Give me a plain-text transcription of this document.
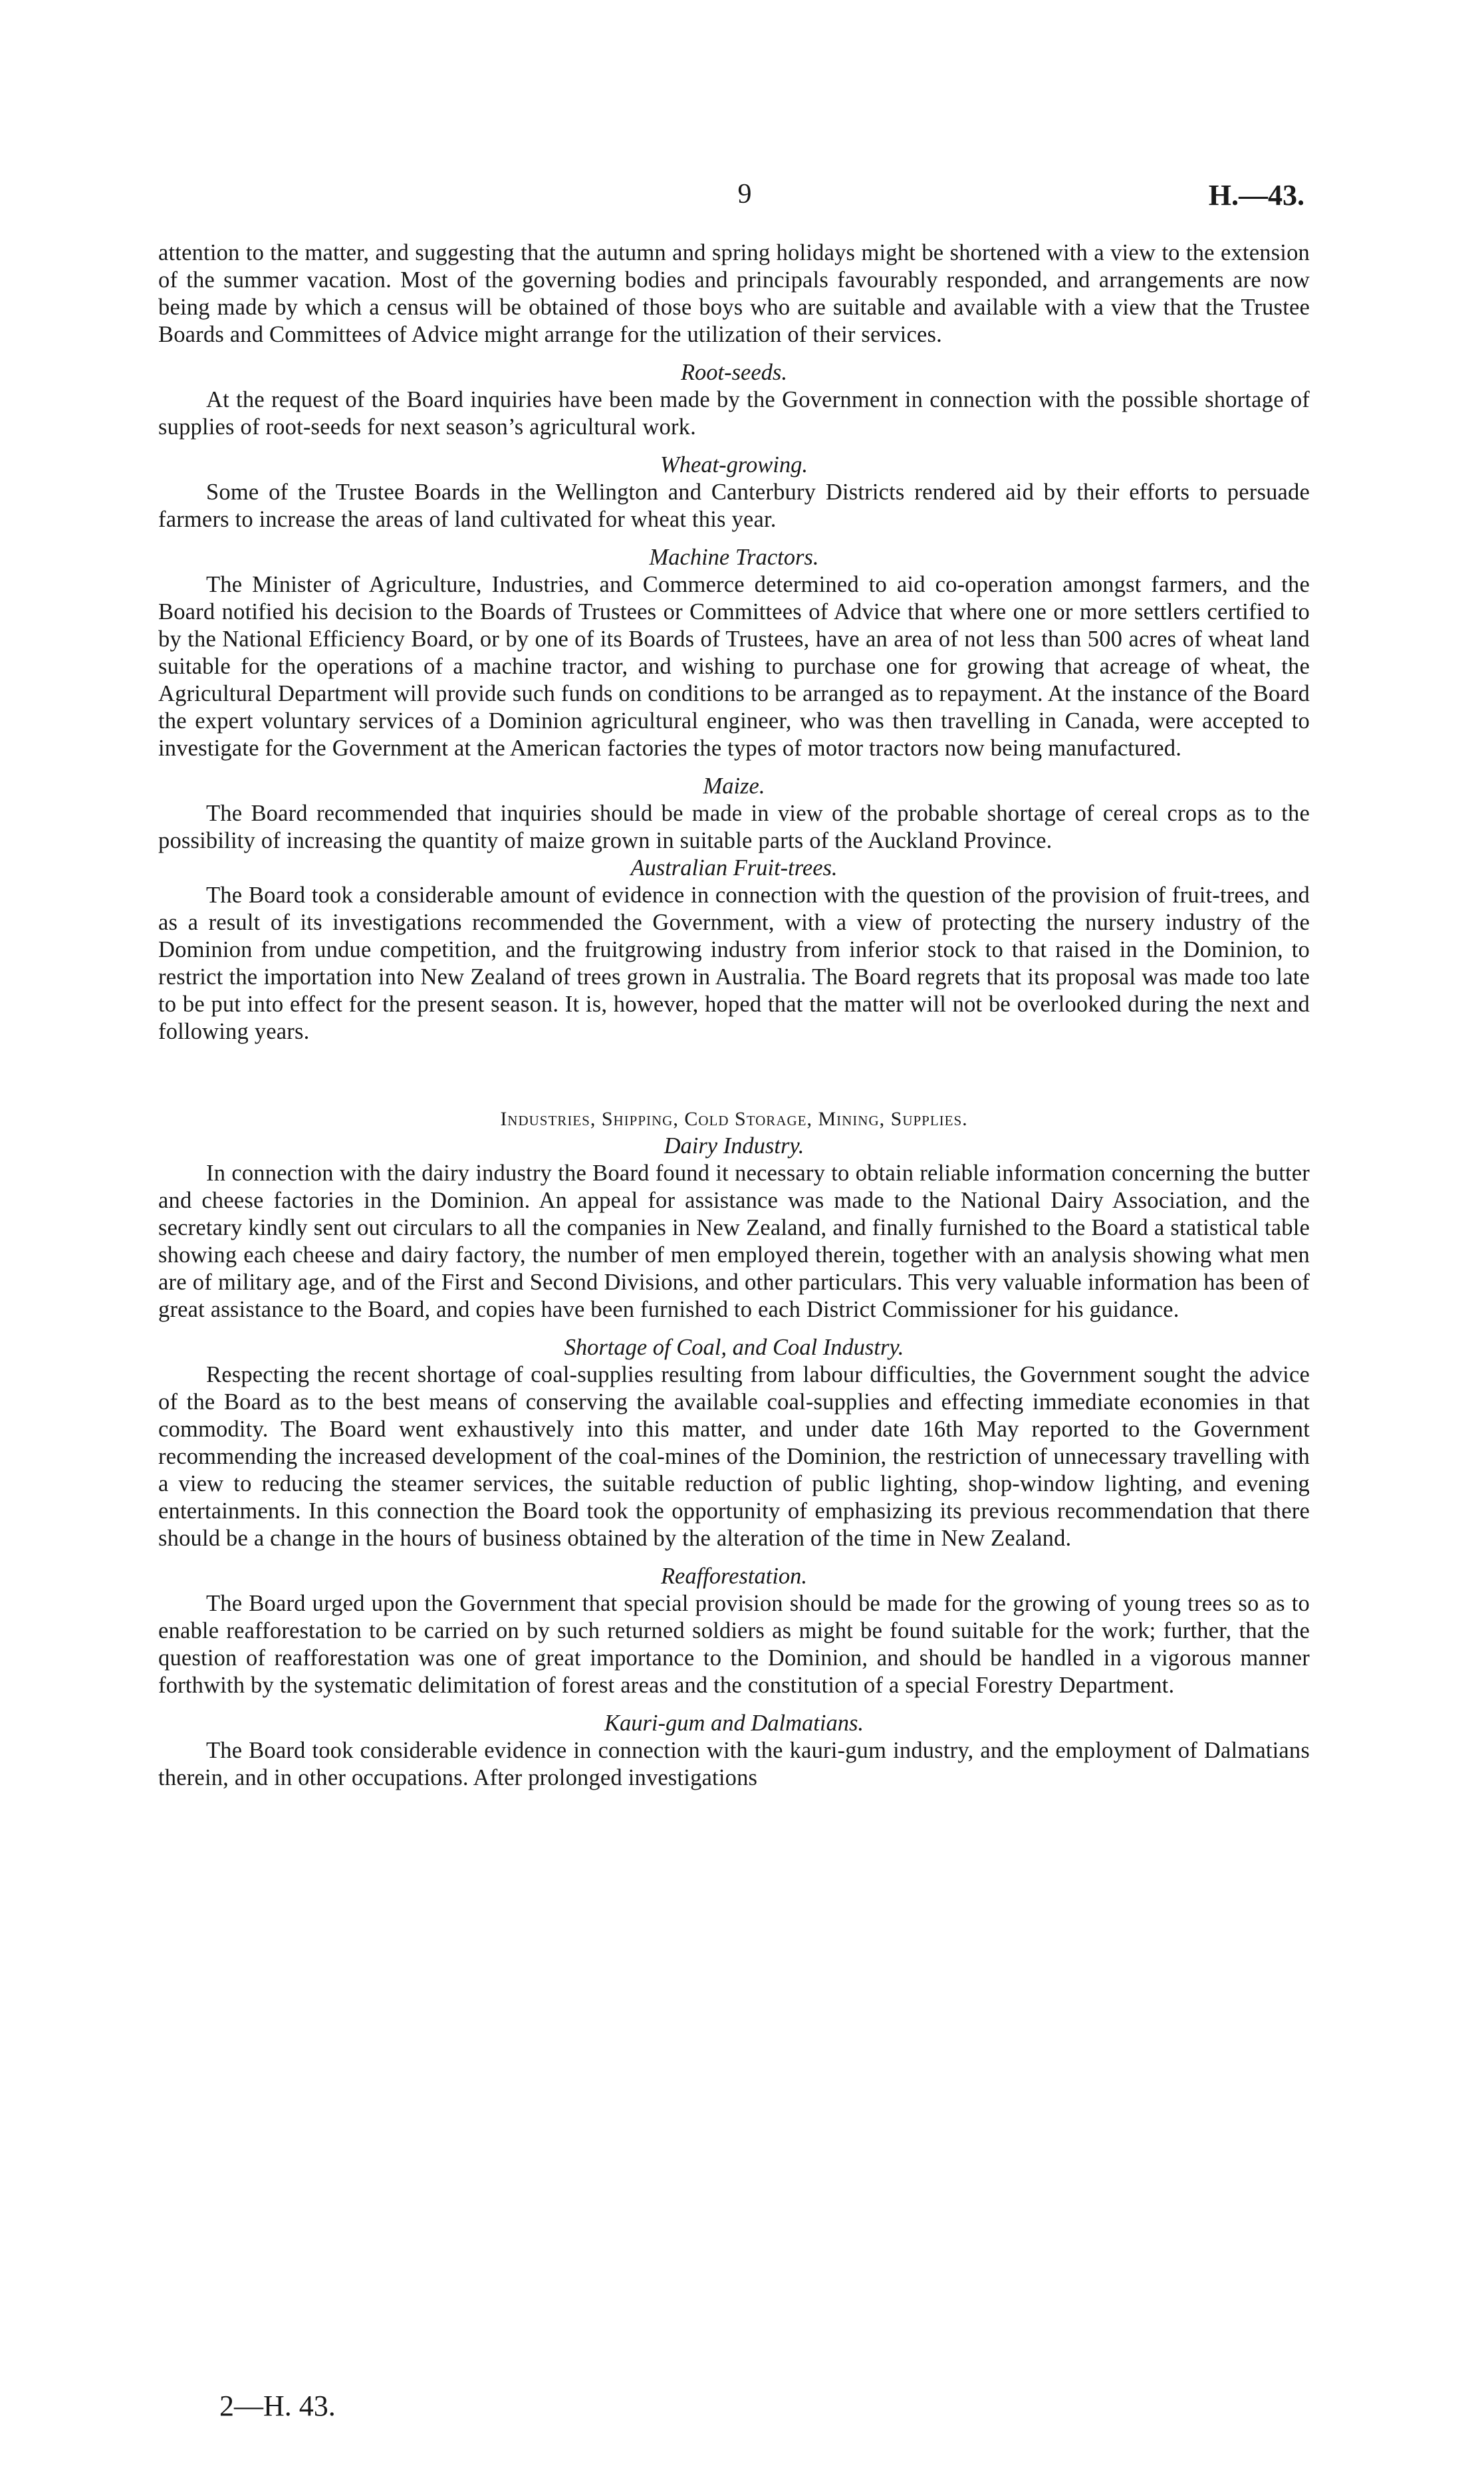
9	H.—43.

attention to the matter, and suggesting that the autumn and spring holidays might be shortened with a view to the extension of the summer vacation. Most of the governing bodies and principals favourably responded, and arrangements are now being made by which a census will be obtained of those boys who are suitable and available with a view that the Trustee Boards and Committees of Advice might arrange for the utilization of their services.

Root-seeds.

At the request of the Board inquiries have been made by the Government in connection with the possible shortage of supplies of root-seeds for next season’s agricultural work.

Wheat-growing.

Some of the Trustee Boards in the Wellington and Canterbury Districts rendered aid by their efforts to persuade farmers to increase the areas of land cultivated for wheat this year.

Machine Tractors.

The Minister of Agriculture, Industries, and Commerce determined to aid co-operation amongst farmers, and the Board notified his decision to the Boards of Trustees or Committees of Advice that where one or more settlers certified to by the National Efficiency Board, or by one of its Boards of Trustees, have an area of not less than 500 acres of wheat land suitable for the operations of a machine tractor, and wishing to purchase one for growing that acreage of wheat, the Agricultural Department will provide such funds on conditions to be arranged as to repayment. At the instance of the Board the expert voluntary services of a Dominion agricultural engineer, who was then travelling in Canada, were accepted to investigate for the Government at the American factories the types of motor tractors now being manufactured.

Maize.

The Board recommended that inquiries should be made in view of the probable shortage of cereal crops as to the possibility of increasing the quantity of maize grown in suitable parts of the Auckland Province.

Australian Fruit-trees.

The Board took a considerable amount of evidence in connection with the question of the provision of fruit-trees, and as a result of its investigations recommended the Government, with a view of protecting the nursery industry of the Dominion from undue competition, and the fruitgrowing industry from inferior stock to that raised in the Dominion, to restrict the importation into New Zealand of trees grown in Australia. The Board regrets that its proposal was made too late to be put into effect for the present season. It is, however, hoped that the matter will not be overlooked during the next and following years.

Industries, Shipping, Cold Storage, Mining, Supplies.

Dairy Industry.

In connection with the dairy industry the Board found it necessary to obtain reliable information concerning the butter and cheese factories in the Dominion. An appeal for assistance was made to the National Dairy Association, and the secretary kindly sent out circulars to all the companies in New Zealand, and finally furnished to the Board a statistical table showing each cheese and dairy factory, the number of men employed therein, together with an analysis showing what men are of military age, and of the First and Second Divisions, and other particulars. This very valuable information has been of great assistance to the Board, and copies have been furnished to each District Commissioner for his guidance.

Shortage of Coal, and Coal Industry.

Respecting the recent shortage of coal-supplies resulting from labour difficulties, the Government sought the advice of the Board as to the best means of conserving the available coal-supplies and effecting immediate economies in that commodity. The Board went exhaustively into this matter, and under date 16th May reported to the Government recommending the increased development of the coal-mines of the Dominion, the restriction of unnecessary travelling with a view to reducing the steamer services, the suitable reduction of public lighting, shop-window lighting, and evening entertainments. In this connection the Board took the opportunity of emphasizing its previous recommendation that there should be a change in the hours of business obtained by the alteration of the time in New Zealand.

Reafforestation.

The Board urged upon the Government that special provision should be made for the growing of young trees so as to enable reafforestation to be carried on by such returned soldiers as might be found suitable for the work; further, that the question of reafforestation was one of great importance to the Dominion, and should be handled in a vigorous manner forthwith by the systematic delimitation of forest areas and the constitution of a special Forestry Department.

Kauri-gum and Dalmatians.

The Board took considerable evidence in connection with the kauri-gum industry, and the employment of Dalmatians therein, and in other occupations. After prolonged investigations

2—H. 43.
